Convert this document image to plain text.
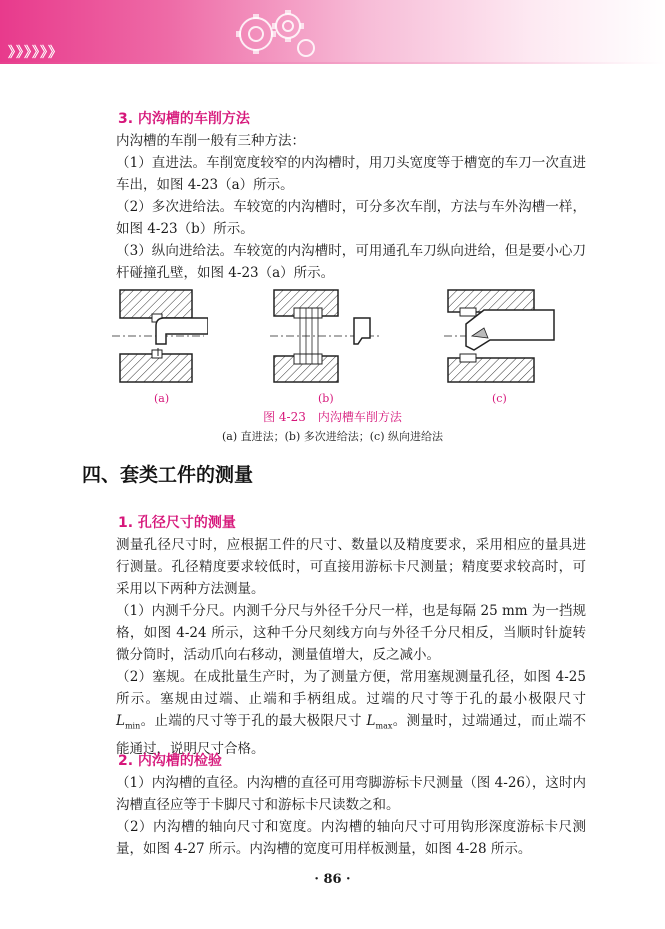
》》》》》》
3. 内沟槽的车削方法

内沟槽的车削一般有三种方法：

（1）直进法。车削宽度较窄的内沟槽时，用刀头宽度等于槽宽的车刀一次直进车出，如图 4-23（a）所示。

（2）多次进给法。车较宽的内沟槽时，可分多次车削，方法与车外沟槽一样，如图 4-23（b）所示。

（3）纵向进给法。车较宽的内沟槽时，可用通孔车刀纵向进给，但是要小心刀杆碰撞孔壁，如图 4-23（a）所示。

(a)	(b)	(c)
图 4-23　内沟槽车削方法
(a) 直进法；(b) 多次进给法；(c) 纵向进给法
四、套类工件的测量
1. 孔径尺寸的测量

测量孔径尺寸时，应根据工件的尺寸、数量以及精度要求，采用相应的量具进行测量。孔径精度要求较低时，可直接用游标卡尺测量；精度要求较高时，可采用以下两种方法测量。

（1）内测千分尺。内测千分尺与外径千分尺一样，也是每隔 25 mm 为一挡规格，如图 4-24 所示，这种千分尺刻线方向与外径千分尺相反，当顺时针旋转微分筒时，活动爪向右移动，测量值增大，反之减小。

（2）塞规。在成批量生产时，为了测量方便，常用塞规测量孔径，如图 4-25 所示。塞规由过端、止端和手柄组成。过端的尺寸等于孔的最小极限尺寸 $L_{min}$。止端的尺寸等于孔的最大极限尺寸 $L_{max}$。测量时，过端通过，而止端不能通过，说明尺寸合格。

2. 内沟槽的检验

（1）内沟槽的直径。内沟槽的直径可用弯脚游标卡尺测量（图 4-26），这时内沟槽直径应等于卡脚尺寸和游标卡尺读数之和。

（2）内沟槽的轴向尺寸和宽度。内沟槽的轴向尺寸可用钩形深度游标卡尺测量，如图 4-27 所示。内沟槽的宽度可用样板测量，如图 4-28 所示。

· 86 ·
